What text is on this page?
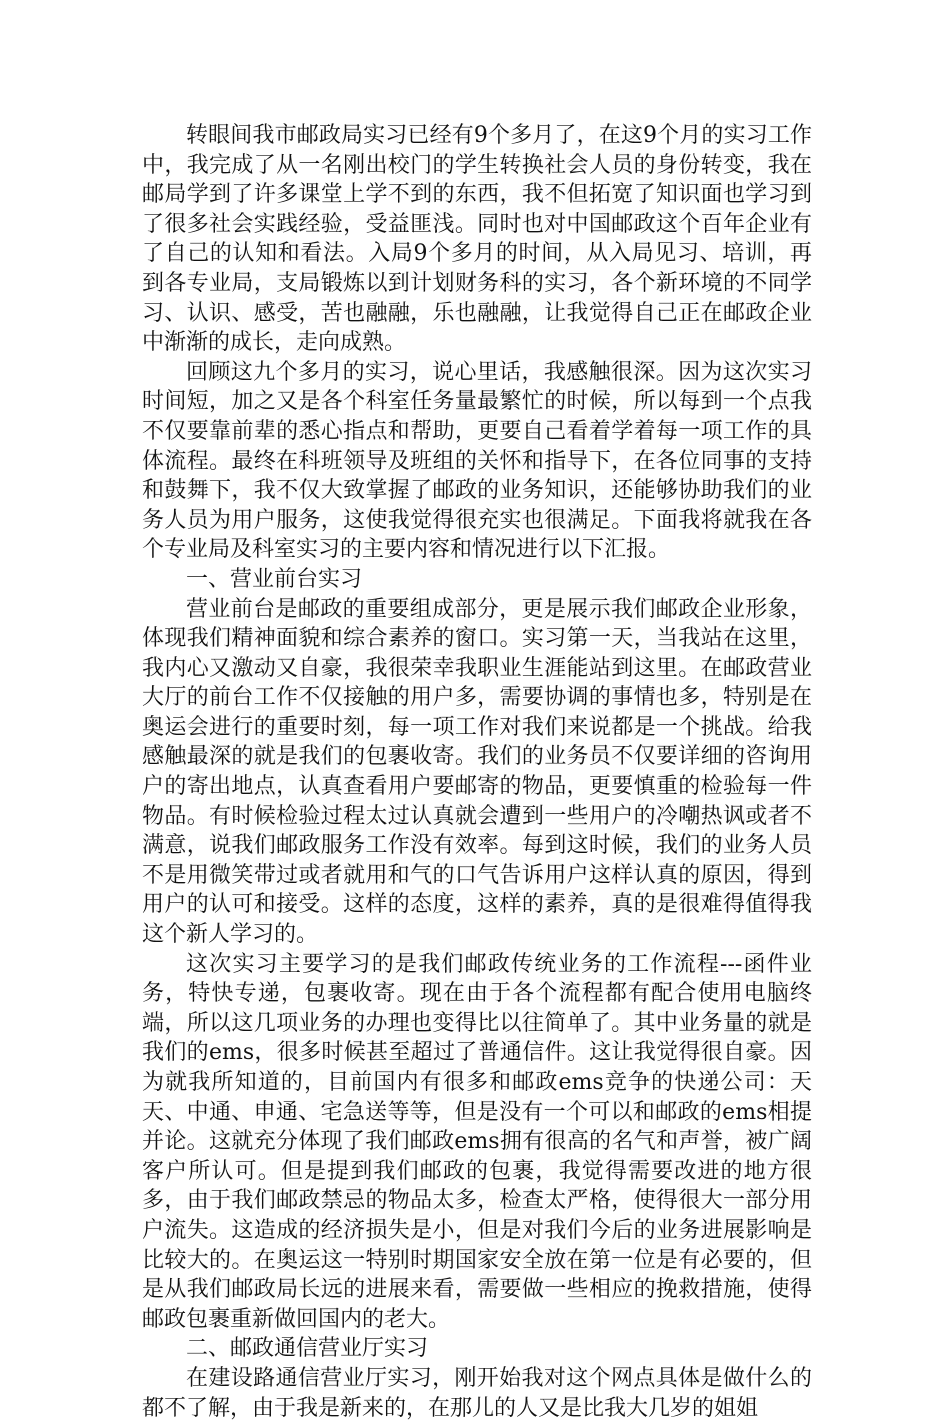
转眼间我市邮政局实习已经有9个多月了，在这9个月的实习工作中，我完成了从一名刚出校门的学生转换社会人员的身份转变，我在邮局学到了许多课堂上学不到的东西，我不但拓宽了知识面也学习到了很多社会实践经验，受益匪浅。同时也对中国邮政这个百年企业有了自己的认知和看法。入局9个多月的时间，从入局见习、培训，再到各专业局，支局锻炼以到计划财务科的实习，各个新环境的不同学习、认识、感受，苦也融融，乐也融融，让我觉得自己正在邮政企业中渐渐的成长，走向成熟。

回顾这九个多月的实习，说心里话，我感触很深。因为这次实习时间短，加之又是各个科室任务量最繁忙的时候，所以每到一个点我不仅要靠前辈的悉心指点和帮助，更要自己看着学着每一项工作的具体流程。最终在科班领导及班组的关怀和指导下，在各位同事的支持和鼓舞下，我不仅大致掌握了邮政的业务知识，还能够协助我们的业务人员为用户服务，这使我觉得很充实也很满足。下面我将就我在各个专业局及科室实习的主要内容和情况进行以下汇报。

一、营业前台实习

营业前台是邮政的重要组成部分，更是展示我们邮政企业形象，体现我们精神面貌和综合素养的窗口。实习第一天，当我站在这里，我内心又激动又自豪，我很荣幸我职业生涯能站到这里。在邮政营业大厅的前台工作不仅接触的用户多，需要协调的事情也多，特别是在奥运会进行的重要时刻，每一项工作对我们来说都是一个挑战。给我感触最深的就是我们的包裹收寄。我们的业务员不仅要详细的咨询用户的寄出地点，认真查看用户要邮寄的物品，更要慎重的检验每一件物品。有时候检验过程太过认真就会遭到一些用户的冷嘲热讽或者不满意，说我们邮政服务工作没有效率。每到这时候，我们的业务人员不是用微笑带过或者就用和气的口气告诉用户这样认真的原因，得到用户的认可和接受。这样的态度，这样的素养，真的是很难得值得我这个新人学习的。

这次实习主要学习的是我们邮政传统业务的工作流程---函件业务，特快专递，包裹收寄。现在由于各个流程都有配合使用电脑终端，所以这几项业务的办理也变得比以往简单了。其中业务量的就是我们的ems，很多时候甚至超过了普通信件。这让我觉得很自豪。因为就我所知道的，目前国内有很多和邮政ems竞争的快递公司：天天、中通、申通、宅急送等等，但是没有一个可以和邮政的ems相提并论。这就充分体现了我们邮政ems拥有很高的名气和声誉，被广阔客户所认可。但是提到我们邮政的包裹，我觉得需要改进的地方很多，由于我们邮政禁忌的物品太多，检查太严格，使得很大一部分用户流失。这造成的经济损失是小，但是对我们今后的业务进展影响是比较大的。在奥运这一特别时期国家安全放在第一位是有必要的，但是从我们邮政局长远的进展来看，需要做一些相应的挽救措施，使得邮政包裹重新做回国内的老大。

二、邮政通信营业厅实习

在建设路通信营业厅实习，刚开始我对这个网点具体是做什么的都不了解，由于我是新来的，在那儿的人又是比我大几岁的姐姐
